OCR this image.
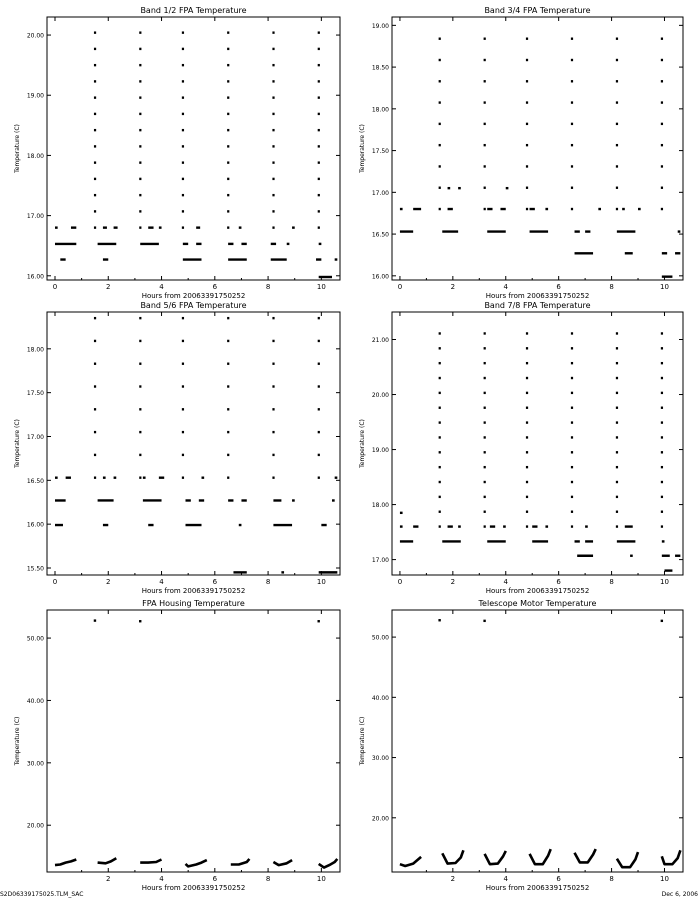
Band 1/2 FPA Temperature
Hours from 20063391750252
Temperature (C)
0	2	4	6	8	10
16.00
17.00
18.00
19.00
20.00
Band 3/4 FPA Temperature
Hours from 20063391750252
Temperature (C)
0	2	4	6	8	10
16.00
16.50
17.00
17.50
18.00
18.50
19.00
Band 5/6 FPA Temperature
Hours from 20063391750252
Temperature (C)
0	2	4	6	8	10
15.50
16.00
16.50
17.00
17.50
18.00
Band 7/8 FPA Temperature
Hours from 20063391750252
Temperature (C)
0	2	4	6	8	10
17.00
18.00
19.00
20.00
21.00
FPA Housing Temperature
Hours from 20063391750252
Temperature (C)
2	4	6	8	10
20.00
30.00
40.00
50.00
Telescope Motor Temperature
Hours from 20063391750252
Temperature (C)
2	4	6	8	10
20.00
30.00
40.00
50.00
S2D06339175025.TLM_SAC	Dec 6, 2006
